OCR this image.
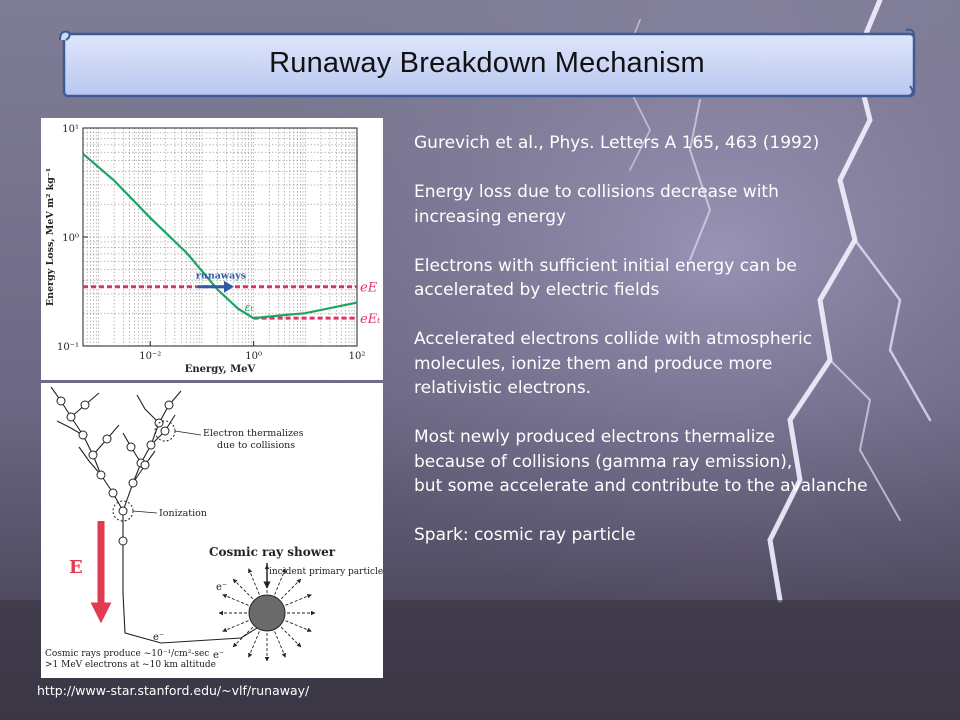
Runaway Breakdown Mechanism
10⁻²	10⁰	10²
10⁻¹
10⁰
10¹
Energy, MeV
Energy Loss, MeV m² kg⁻¹	eE
eEₜ
runaways
εₜ
Electron thermalizes
due to collisions
Ionization
E
Cosmic ray shower
incident primary particle
e⁻
e⁻
e⁻
Cosmic rays produce ~10⁻¹/cm²-sec
>1 MeV electrons at ~10 km altitude

Gurevich et al., Phys. Letters A 165, 463 (1992)

Energy loss due to collisions decrease with
increasing energy

Electrons with sufficient initial energy can be
accelerated by electric fields

Accelerated electrons collide with atmospheric
molecules, ionize them and produce more
relativistic electrons.

Most newly produced electrons thermalize
because of collisions (gamma ray emission),
but some accelerate and contribute to the avalanche

Spark: cosmic ray particle

http://www-star.stanford.edu/~vlf/runaway/
